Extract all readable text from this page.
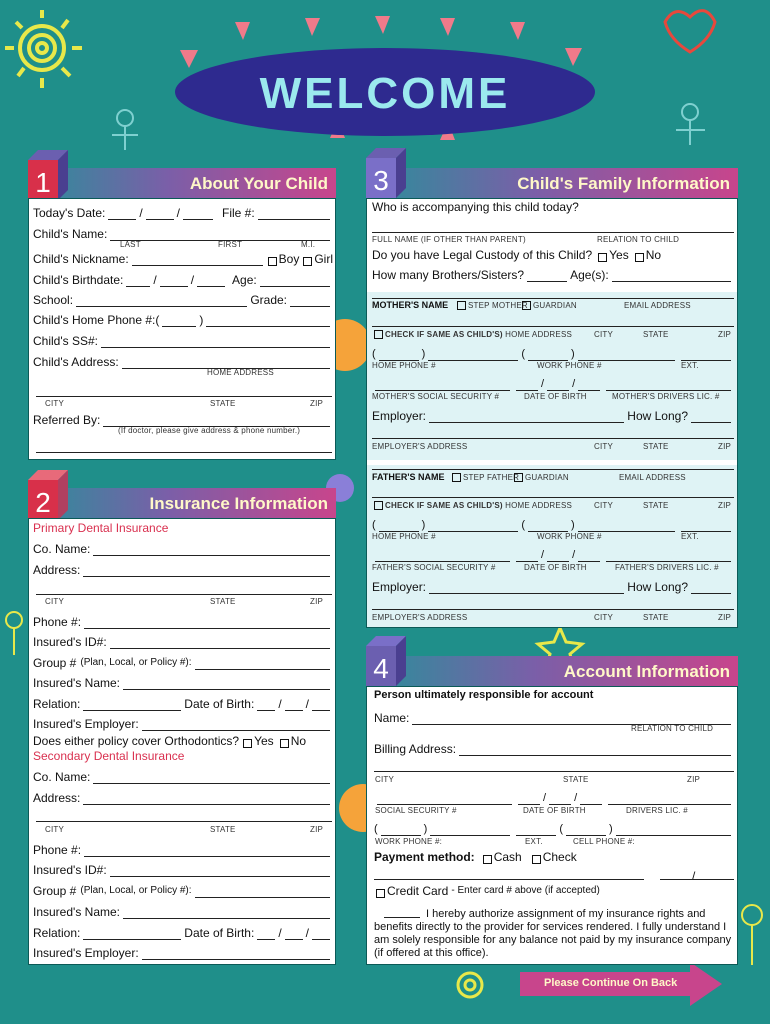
WELCOME
About Your Child
1
Today's Date:	/	/	File #:
Child's Name:
LAST	FIRST	M.I.
Child's Nickname:	Boy Girl
Child's Birthdate:	/	/	Age:
School:	Grade:
Child's Home Phone #:(	)
Child's SS#:
Child's Address:
HOME ADDRESS
CITY	STATE	ZIP
Referred By:
(If doctor, please give address & phone number.)
Insurance Information
2
Primary Dental Insurance
Co. Name:
Address:
CITY	STATE	ZIP
Phone #:
Insured's ID#:
Group # (Plan, Local, or Policy #):
Insured's Name:
Relation:	Date of Birth: / /
Insured's Employer:
Does either policy cover Orthodontics? Yes No
Secondary Dental Insurance
Co. Name:
Address:
CITY	STATE	ZIP
Phone #:
Insured's ID#:
Group # (Plan, Local, or Policy #):
Insured's Name:
Relation:	Date of Birth: / /
Insured's Employer:
Child's Family Information
3
Who is accompanying this child today?
FULL NAME (IF OTHER THAN PARENT)	RELATION TO CHILD
Do you have Legal Custody of this Child? Yes No
How many Brothers/Sisters?	Age(s):
MOTHER'S NAME	STEP MOTHER GUARDIAN	EMAIL ADDRESS
CHECK IF SAME AS CHILD'S) HOME ADDRESS	CITY	STATE	ZIP
(	)	(	)
HOME PHONE #	WORK PHONE #	EXT.
/	/
MOTHER'S SOCIAL SECURITY #	DATE OF BIRTH	MOTHER'S DRIVERS LIC. #
Employer:	How Long?
EMPLOYER'S ADDRESS	CITY	STATE	ZIP
FATHER'S NAME	STEP FATHER GUARDIAN	EMAIL ADDRESS
CHECK IF SAME AS CHILD'S) HOME ADDRESS	CITY	STATE	ZIP
(	)	(	)
HOME PHONE #	WORK PHONE #	EXT.
/	/
FATHER'S SOCIAL SECURITY #	DATE OF BIRTH	FATHER'S DRIVERS LIC. #
Employer:	How Long?
EMPLOYER'S ADDRESS	CITY	STATE	ZIP
Account Information
4
Person ultimately responsible for account
Name:
RELATION TO CHILD
Billing Address:
CITY	STATE	ZIP
/	/
SOCIAL SECURITY #	DATE OF BIRTH	DRIVERS LIC. #
(	)	(	)
WORK PHONE #:	EXT.	CELL PHONE #:
Payment method: Cash Check
/
Credit Card - Enter card # above (if accepted)
I hereby authorize assignment of my insurance rights and benefits directly to the provider for services rendered. I fully understand I am solely responsible for any balance not paid by my insurance company (if offered at this office).
Please Continue On Back
